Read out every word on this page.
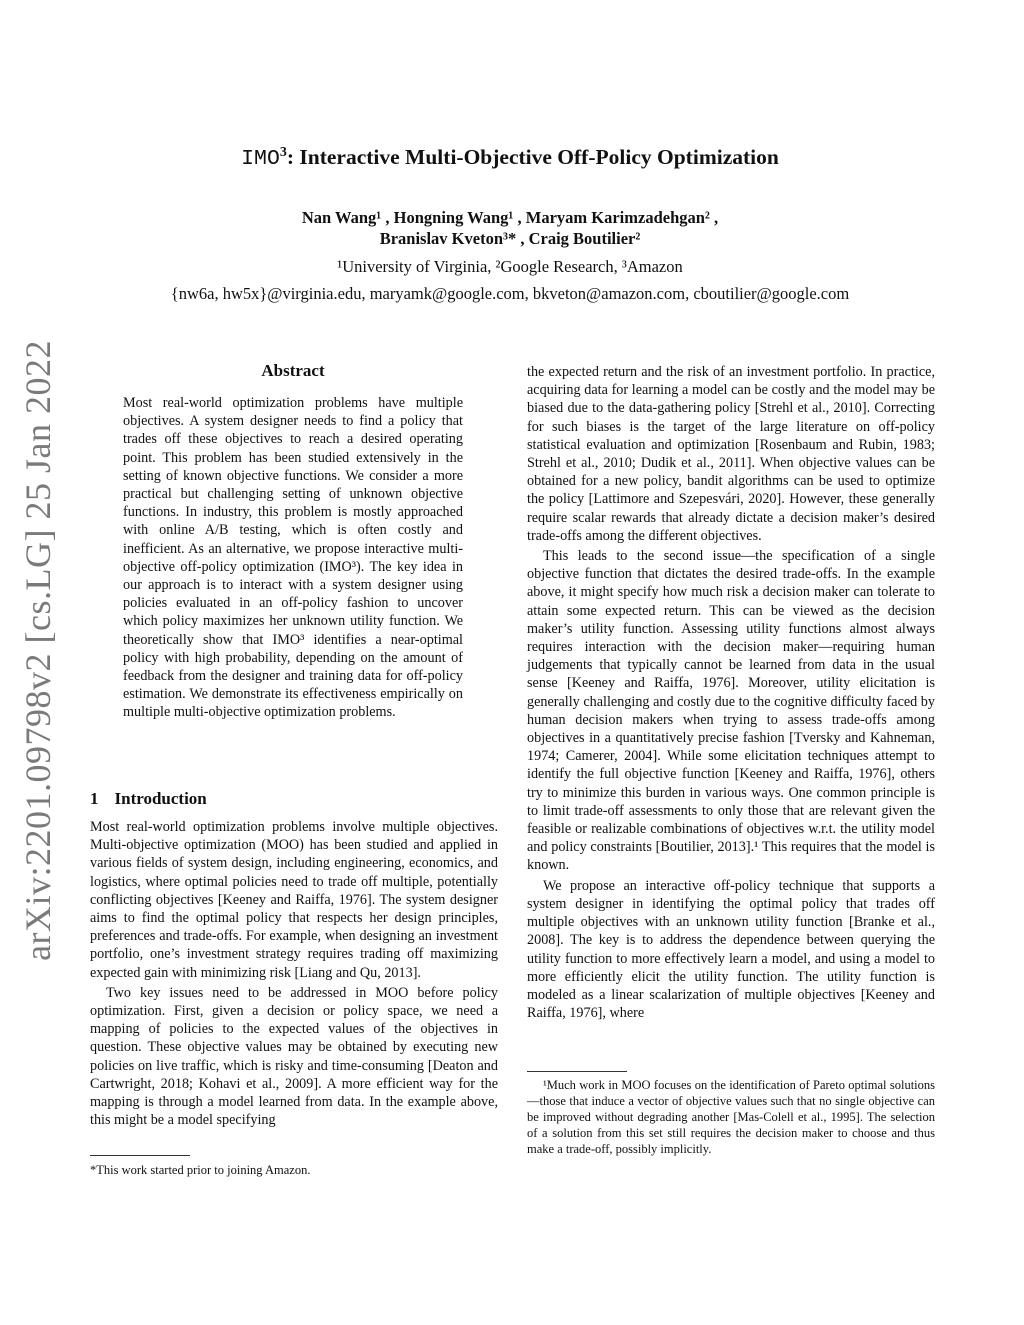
arXiv:2201.09798v2 [cs.LG] 25 Jan 2022
IMO$^3$: Interactive Multi-Objective Off-Policy Optimization
Nan Wang¹ , Hongning Wang¹ , Maryam Karimzadehgan² ,
Branislav Kveton³* , Craig Boutilier²
¹University of Virginia, ²Google Research, ³Amazon
{nw6a, hw5x}@virginia.edu, maryamk@google.com, bkveton@amazon.com, cboutilier@google.com
Abstract
Most real-world optimization problems have multiple objectives. A system designer needs to find a policy that trades off these objectives to reach a desired operating point. This problem has been studied extensively in the setting of known objective functions. We consider a more practical but challenging setting of unknown objective functions. In industry, this problem is mostly approached with online A/B testing, which is often costly and inefficient. As an alternative, we propose interactive multi-objective off-policy optimization (IMO³). The key idea in our approach is to interact with a system designer using policies evaluated in an off-policy fashion to uncover which policy maximizes her unknown utility function. We theoretically show that IMO³ identifies a near-optimal policy with high probability, depending on the amount of feedback from the designer and training data for off-policy estimation. We demonstrate its effectiveness empirically on multiple multi-objective optimization problems.
1 Introduction

Most real-world optimization problems involve multiple objectives. Multi-objective optimization (MOO) has been studied and applied in various fields of system design, including engineering, economics, and logistics, where optimal policies need to trade off multiple, potentially conflicting objectives [Keeney and Raiffa, 1976]. The system designer aims to find the optimal policy that respects her design principles, preferences and trade-offs. For example, when designing an investment portfolio, one’s investment strategy requires trading off maximizing expected gain with minimizing risk [Liang and Qu, 2013].

Two key issues need to be addressed in MOO before policy optimization. First, given a decision or policy space, we need a mapping of policies to the expected values of the objectives in question. These objective values may be obtained by executing new policies on live traffic, which is risky and time-consuming [Deaton and Cartwright, 2018; Kohavi et al., 2009]. A more efficient way for the mapping is through a model learned from data. In the example above, this might be a model specifying

the expected return and the risk of an investment portfolio. In practice, acquiring data for learning a model can be costly and the model may be biased due to the data-gathering policy [Strehl et al., 2010]. Correcting for such biases is the target of the large literature on off-policy statistical evaluation and optimization [Rosenbaum and Rubin, 1983; Strehl et al., 2010; Dudik et al., 2011]. When objective values can be obtained for a new policy, bandit algorithms can be used to optimize the policy [Lattimore and Szepesvári, 2020]. However, these generally require scalar rewards that already dictate a decision maker’s desired trade-offs among the different objectives.

This leads to the second issue—the specification of a single objective function that dictates the desired trade-offs. In the example above, it might specify how much risk a decision maker can tolerate to attain some expected return. This can be viewed as the decision maker’s utility function. Assessing utility functions almost always requires interaction with the decision maker—requiring human judgements that typically cannot be learned from data in the usual sense [Keeney and Raiffa, 1976]. Moreover, utility elicitation is generally challenging and costly due to the cognitive difficulty faced by human decision makers when trying to assess trade-offs among objectives in a quantitatively precise fashion [Tversky and Kahneman, 1974; Camerer, 2004]. While some elicitation techniques attempt to identify the full objective function [Keeney and Raiffa, 1976], others try to minimize this burden in various ways. One common principle is to limit trade-off assessments to only those that are relevant given the feasible or realizable combinations of objectives w.r.t. the utility model and policy constraints [Boutilier, 2013].¹ This requires that the model is known.

We propose an interactive off-policy technique that supports a system designer in identifying the optimal policy that trades off multiple objectives with an unknown utility function [Branke et al., 2008]. The key is to address the dependence between querying the utility function to more effectively learn a model, and using a model to more efficiently elicit the utility function. The utility function is modeled as a linear scalarization of multiple objectives [Keeney and Raiffa, 1976], where

*This work started prior to joining Amazon.

¹Much work in MOO focuses on the identification of Pareto optimal solutions—those that induce a vector of objective values such that no single objective can be improved without degrading another [Mas-Colell et al., 1995]. The selection of a solution from this set still requires the decision maker to choose and thus make a trade-off, possibly implicitly.
